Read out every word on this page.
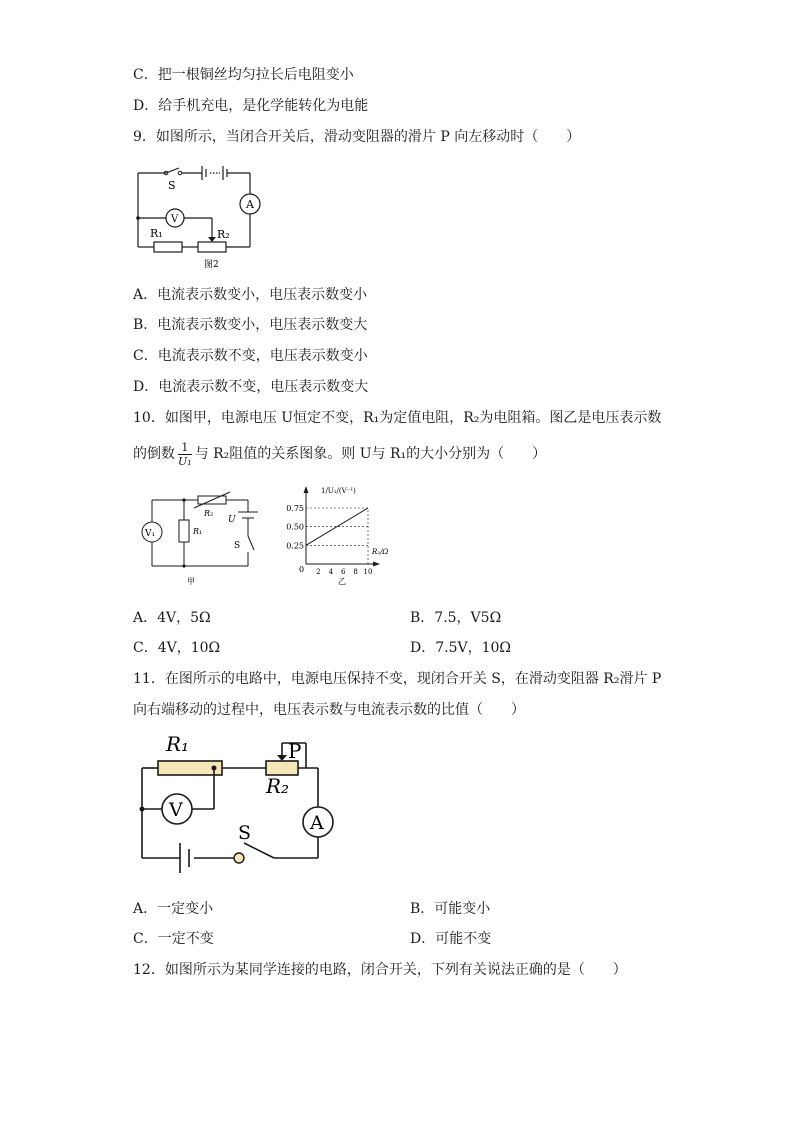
C．把一根铜丝均匀拉长后电阻变小
D．给手机充电，是化学能转化为电能
9．如图所示，当闭合开关后，滑动变阻器的滑片 P 向左移动时（　　）
S
A
V
R₁	R₂
图2
A．电流表示数变小，电压表示数变小
B．电流表示数变小，电压表示数变大
C．电流表示数不变，电压表示数变小
D．电流表示数不变，电压表示数变大
10．如图甲，电源电压 U恒定不变，R₁为定值电阻，R₂为电阻箱。图乙是电压表示数
的倒数 $\frac{1}{\text{U₁}}$ 与 R₂阻值的关系图象。则 U与 R₁的大小分别为（　　）
V₁	R₁
R₂
U
S
甲
0.25
0.50
0.75
2 4 6 8 10
1/U₁/(V⁻¹)
R₂/Ω
0
乙
A．4V，5Ω	B．7.5，V5Ω
C．4V，10Ω	D．7.5V，10Ω
11．在图所示的电路中，电源电压保持不变，现闭合开关 S，在滑动变阻器 R₂滑片 P
向右端移动的过程中，电压表示数与电流表示数的比值（　　）
R₁	P
R₂
V
A
S
A．一定变小	B．可能变小
C．一定不变	D．可能不变
12．如图所示为某同学连接的电路，闭合开关，下列有关说法正确的是（　　）
